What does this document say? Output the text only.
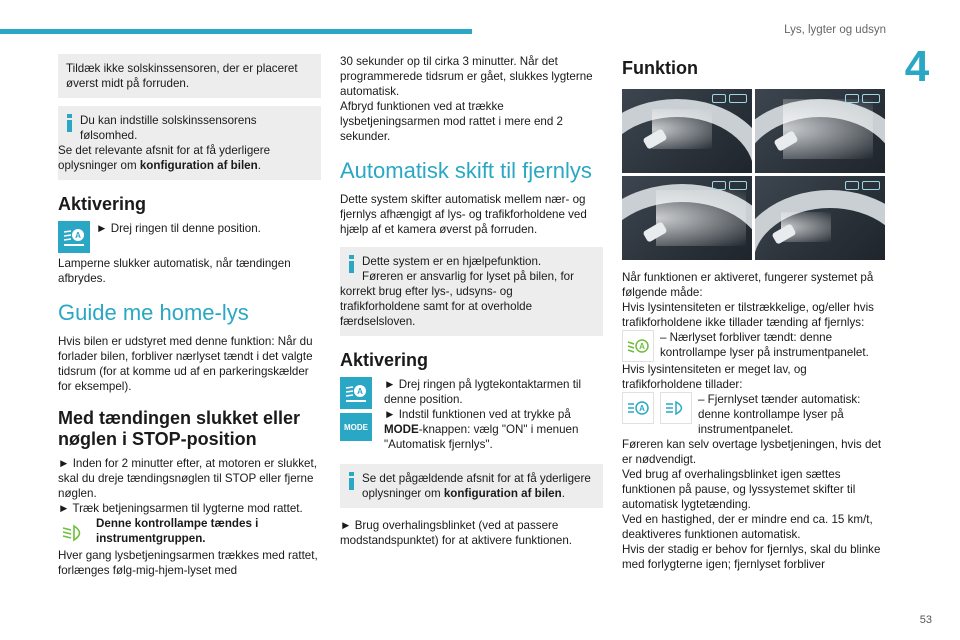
Lys, lygter og udsyn
4
Tildæk ikke solskinssensoren, der er placeret øverst midt på forruden.
Du kan indstille solskinssensorens følsomhed.
Se det relevante afsnit for at få yderligere oplysninger om konfiguration af bilen.
Aktivering
A
► Drej ringen til denne position.

Lamperne slukker automatisk, når tændingen afbrydes.

Guide me home-lys

Hvis bilen er udstyret med denne funktion: Når du forlader bilen, forbliver nærlyset tændt i det valgte tidsrum (for at komme ud af en parkeringskælder for eksempel).

Med tændingen slukket eller nøglen i STOP-position

► Inden for 2 minutter efter, at motoren er slukket, skal du dreje tændingsnøglen til STOP eller fjerne nøglen.

► Træk betjeningsarmen til lygterne mod rattet.

Denne kontrollampe tændes i instrumentgruppen.

Hver gang lysbetjeningsarmen trækkes med rattet, forlænges følg-mig-hjem-lyset med

30 sekunder op til cirka 3 minutter. Når det programmerede tidsrum er gået, slukkes lygterne automatisk.

Afbryd funktionen ved at trække lysbetjeningsarmen mod rattet i mere end 2 sekunder.

Automatisk skift til fjernlys

Dette system skifter automatisk mellem nær- og fjernlys afhængigt af lys- og trafikforholdene ved hjælp af et kamera øverst på forruden.

Dette system er en hjælpefunktion.
Føreren er ansvarlig for lyset på bilen, for korrekt brug efter lys-, udsyns- og trafikforholdene samt for at overholde færdselsloven.
Aktivering
A
MODE

► Drej ringen på lygtekontaktarmen til denne position.

► Indstil funktionen ved at trykke på MODE-knappen: vælg "ON" i menuen "Automatisk fjernlys".

Se det pågældende afsnit for at få yderligere oplysninger om konfiguration af bilen.

► Brug overhalingsblinket (ved at passere modstandspunktet) for at aktivere funktionen.

Funktion

Når funktionen er aktiveret, fungerer systemet på følgende måde:

Hvis lysintensiteten er tilstrækkelige, og/eller hvis trafikforholdene ikke tillader tænding af fjernlys:

A
– Nærlyset forbliver tændt: denne kontrollampe lyser på instrumentpanelet.

Hvis lysintensiteten er meget lav, og trafikforholdene tillader:

A
– Fjernlyset tænder automatisk: denne kontrollampe lyser på instrumentpanelet.

Føreren kan selv overtage lysbetjeningen, hvis det er nødvendigt.

Ved brug af overhalingsblinket igen sættes funktionen på pause, og lyssystemet skifter til automatisk lygtetænding.

Ved en hastighed, der er mindre end ca. 15 km/t, deaktiveres funktionen automatisk.

Hvis der stadig er behov for fjernlys, skal du blinke med forlygterne igen; fjernlyset forbliver

53
